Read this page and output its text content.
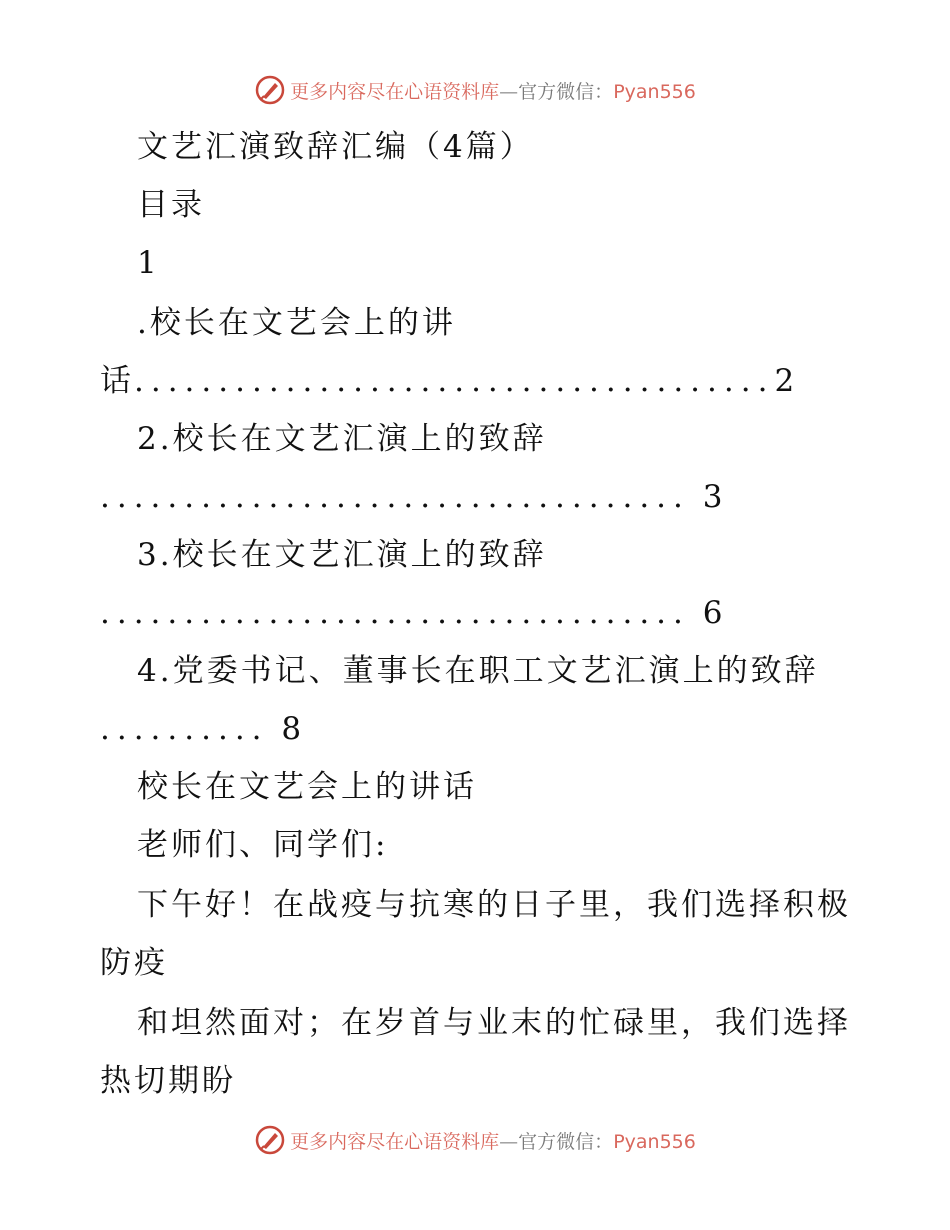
更多内容尽在心语资料库—官方微信：Pyan556
文艺汇演致辞汇编（4篇）
目录
1
.校长在文艺会上的讲
话......................................2
2.校长在文艺汇演上的致辞
................................... 3
3.校长在文艺汇演上的致辞
................................... 6
4.党委书记、董事长在职工文艺汇演上的致辞
.......... 8
校长在文艺会上的讲话
老师们、同学们:
下午好！在战疫与抗寒的日子里，我们选择积极
防疫
和坦然面对；在岁首与业末的忙碌里，我们选择
热切期盼
更多内容尽在心语资料库—官方微信：Pyan556
